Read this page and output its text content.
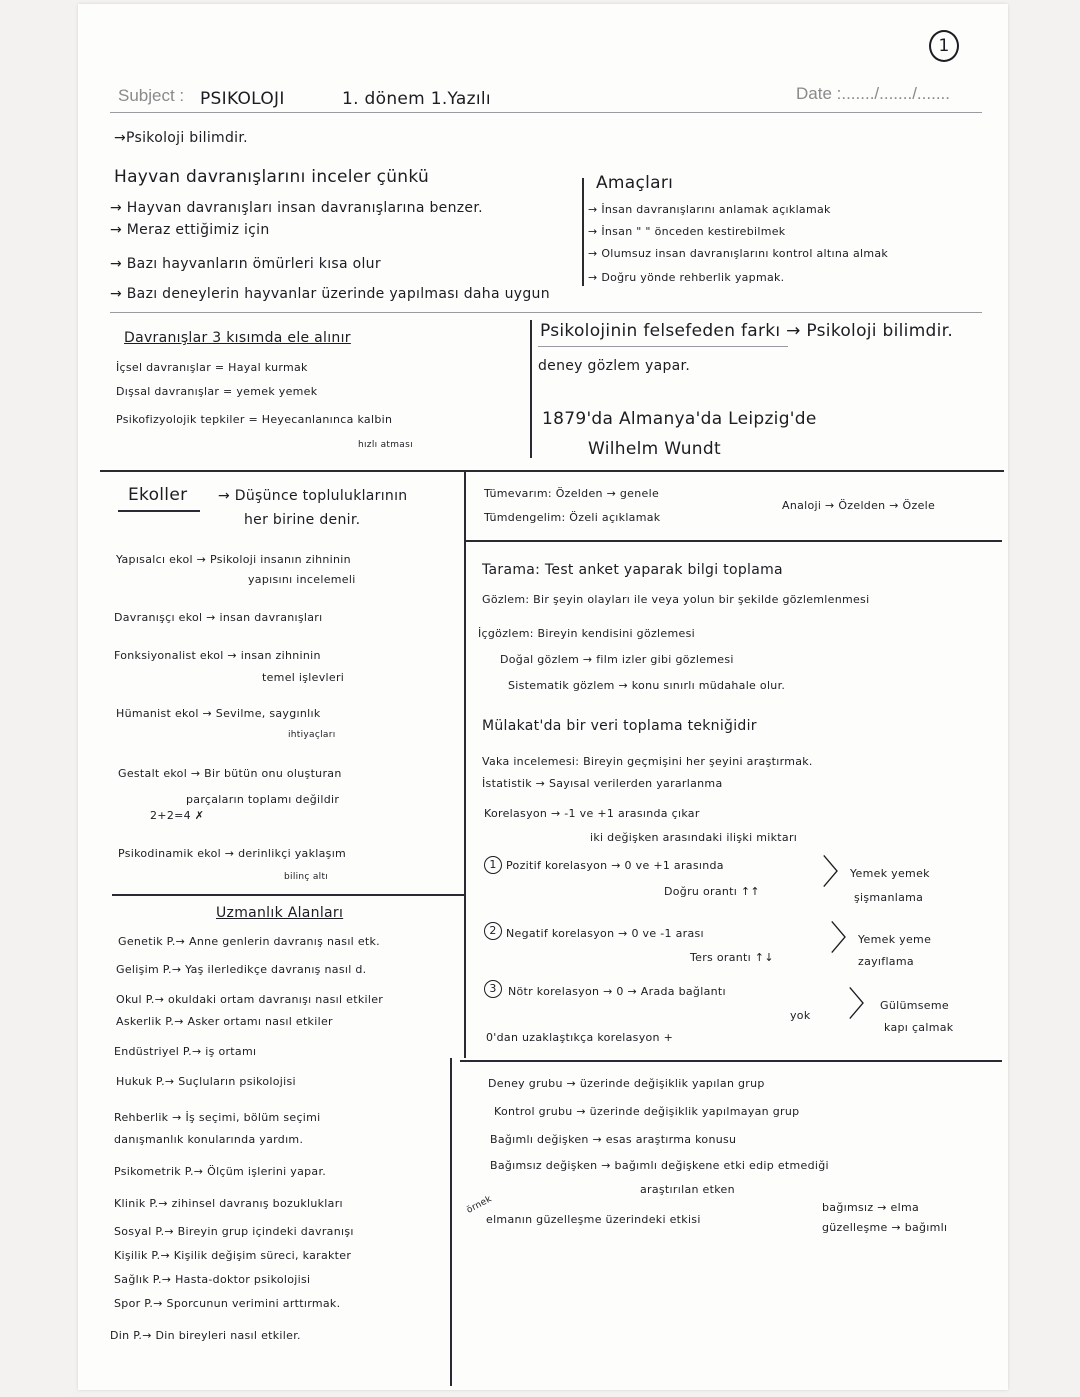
1
Subject : PSIKOLOJI	1. dönem 1.Yazılı	Date :......./......./.......
→Psikoloji bilimdir.
Hayvan davranışlarını inceler çünkü
→ Hayvan davranışları insan davranışlarına benzer.
→ Meraz ettiğimiz için
→ Bazı hayvanların ömürleri kısa olur
→ Bazı deneylerin hayvanlar üzerinde yapılması daha uygun
Amaçları
→ İnsan davranışlarını anlamak açıklamak
→ İnsan " " önceden kestirebilmek
→ Olumsuz insan davranışlarını kontrol altına almak
→ Doğru yönde rehberlik yapmak.
Davranışlar 3 kısımda ele alınır
İçsel davranışlar = Hayal kurmak
Dışsal davranışlar = yemek yemek
Psikofizyolojik tepkiler = Heyecanlanınca kalbin
hızlı atması
Psikolojinin felsefeden farkı → Psikoloji bilimdir.
deney gözlem yapar.
1879'da Almanya'da Leipzig'de
Wilhelm Wundt
Ekoller → Düşünce topluluklarının
her birine denir.
Yapısalcı ekol → Psikoloji insanın zihninin
yapısını incelemeli
Davranışçı ekol → insan davranışları
Fonksiyonalist ekol → insan zihninin
temel işlevleri
Hümanist ekol → Sevilme, saygınlık
ihtiyaçları
Gestalt ekol → Bir bütün onu oluşturan
parçaların toplamı değildir
2+2=4 ✗
Psikodinamik ekol → derinlikçi yaklaşım
bilinç altı
Uzmanlık Alanları
Genetik P.→ Anne genlerin davranış nasıl etk.
Gelişim P.→ Yaş ilerledikçe davranış nasıl d.
Okul P.→ okuldaki ortam davranışı nasıl etkiler
Askerlik P.→ Asker ortamı nasıl etkiler
Endüstriyel P.→ iş ortamı
Hukuk P.→ Suçluların psikolojisi
Rehberlik → İş seçimi, bölüm seçimi
danışmanlık konularında yardım.
Psikometrik P.→ Ölçüm işlerini yapar.
Klinik P.→ zihinsel davranış bozuklukları
Sosyal P.→ Bireyin grup içindeki davranışı
Kişilik P.→ Kişilik değişim süreci, karakter
Sağlık P.→ Hasta-doktor psikolojisi
Spor P.→ Sporcunun verimini arttırmak.
Din P.→ Din bireyleri nasıl etkiler.
Tümevarım: Özelden → genele
Tümdengelim: Özeli açıklamak
Analoji → Özelden → Özele
Tarama: Test anket yaparak bilgi toplama
Gözlem: Bir şeyin olayları ile veya yolun bir şekilde gözlemlenmesi
İçgözlem: Bireyin kendisini gözlemesi
Doğal gözlem → film izler gibi gözlemesi
Sistematik gözlem → konu sınırlı müdahale olur.
Mülakat'da bir veri toplama tekniğidir
Vaka incelemesi: Bireyin geçmişini her şeyini araştırmak.
İstatistik → Sayısal verilerden yararlanma
Korelasyon → -1 ve +1 arasında çıkar
iki değişken arasındaki ilişki miktarı
1 Pozitif korelasyon → 0 ve +1 arasında
Doğru orantı ↑↑ 〉
Yemek yemek
şişmanlama
2 Negatif korelasyon → 0 ve -1 arası
Ters orantı ↑↓ 〉
Yemek yeme
zayıflama
3	Nötr korelasyon → 0 → Arada bağlantı
yok 〉
Gülümseme
kapı çalmak
0'dan uzaklaştıkça korelasyon +
Deney grubu → üzerinde değişiklik yapılan grup
Kontrol grubu → üzerinde değişiklik yapılmayan grup
Bağımlı değişken → esas araştırma konusu
Bağımsız değişken → bağımlı değişkene etki edip etmediği
araştırılan etken
örnek
elmanın güzelleşme üzerindeki etkisi
bağımsız → elma
güzelleşme → bağımlı
